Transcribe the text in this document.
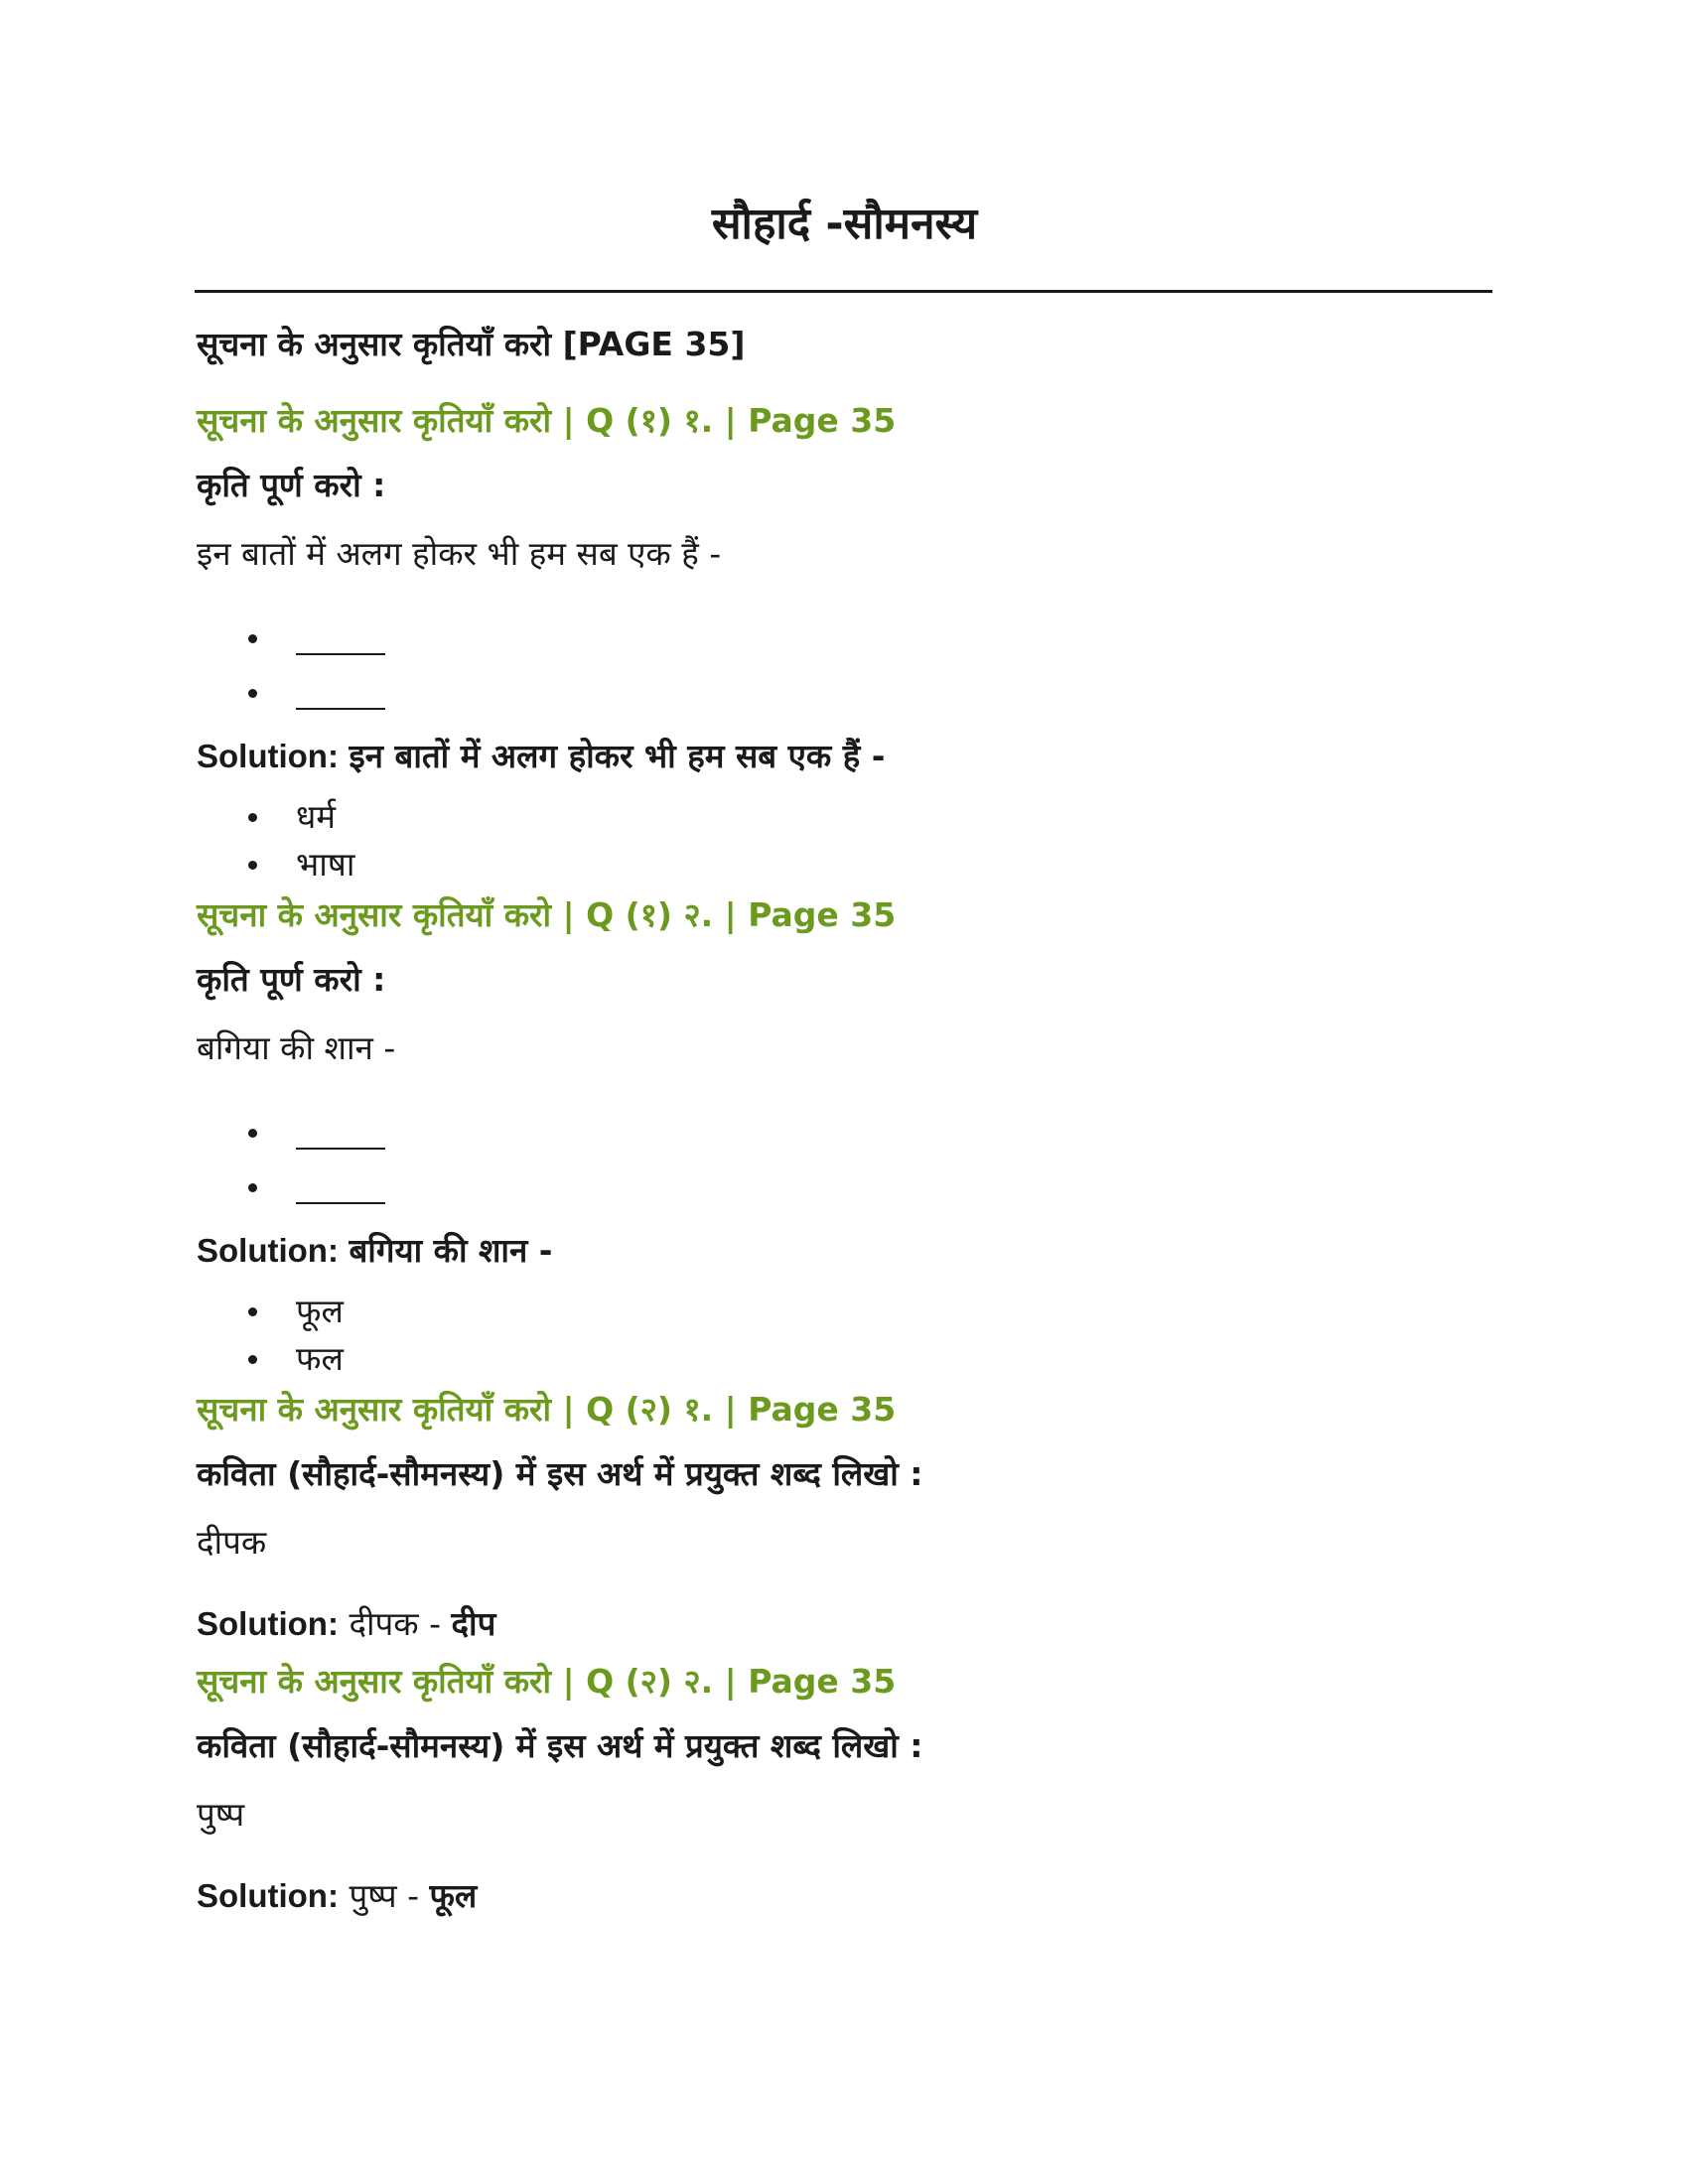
सौहार्द -सौमनस्य
सूचना के अनुसार कृतियाँ करो [PAGE 35]
सूचना के अनुसार कृतियाँ करो | Q (१) १. | Page 35
कृति पूर्ण करो :
इन बातों में अलग होकर भी हम सब एक हैं -
Solution: इन बातों में अलग होकर भी हम सब एक हैं -
धर्म
भाषा
सूचना के अनुसार कृतियाँ करो | Q (१) २. | Page 35
कृति पूर्ण करो :
बगिया की शान -
Solution: बगिया की शान -
फूल
फल
सूचना के अनुसार कृतियाँ करो | Q (२) १. | Page 35
कविता (सौहार्द-सौमनस्य) में इस अर्थ में प्रयुक्त शब्द लिखो :
दीपक
Solution: दीपक - दीप
सूचना के अनुसार कृतियाँ करो | Q (२) २. | Page 35
कविता (सौहार्द-सौमनस्य) में इस अर्थ में प्रयुक्त शब्द लिखो :
पुष्प
Solution: पुष्प - फूल
